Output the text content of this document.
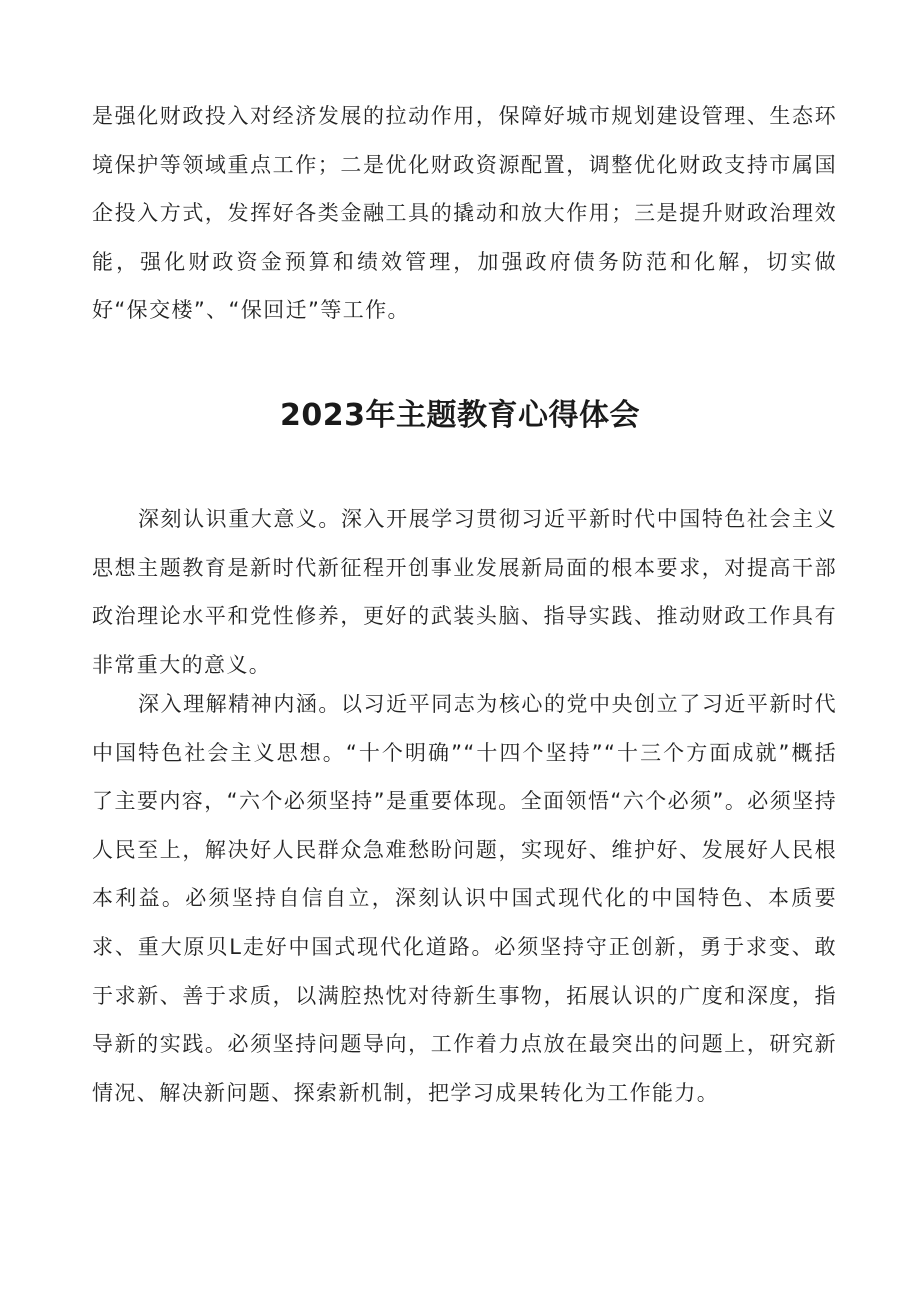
是强化财政投入对经济发展的拉动作用，保障好城市规划建设管理、生态环境保护等领域重点工作；二是优化财政资源配置，调整优化财政支持市属国企投入方式，发挥好各类金融工具的撬动和放大作用；三是提升财政治理效能，强化财政资金预算和绩效管理，加强政府债务防范和化解，切实做好“保交楼”、“保回迁”等工作。

2023年主题教育心得体会

深刻认识重大意义。深入开展学习贯彻习近平新时代中国特色社会主义思想主题教育是新时代新征程开创事业发展新局面的根本要求，对提高干部政治理论水平和党性修养，更好的武装头脑、指导实践、推动财政工作具有非常重大的意义。

深入理解精神内涵。以习近平同志为核心的党中央创立了习近平新时代中国特色社会主义思想。“十个明确”“十四个坚持”“十三个方面成就”概括了主要内容，“六个必须坚持”是重要体现。全面领悟“六个必须”。必须坚持人民至上，解决好人民群众急难愁盼问题，实现好、维护好、发展好人民根本利益。必须坚持自信自立，深刻认识中国式现代化的中国特色、本质要求、重大原贝L走好中国式现代化道路。必须坚持守正创新，勇于求变、敢于求新、善于求质，以满腔热忱对待新生事物，拓展认识的广度和深度，指导新的实践。必须坚持问题导向，工作着力点放在最突出的问题上，研究新情况、解决新问题、探索新机制，把学习成果转化为工作能力。
